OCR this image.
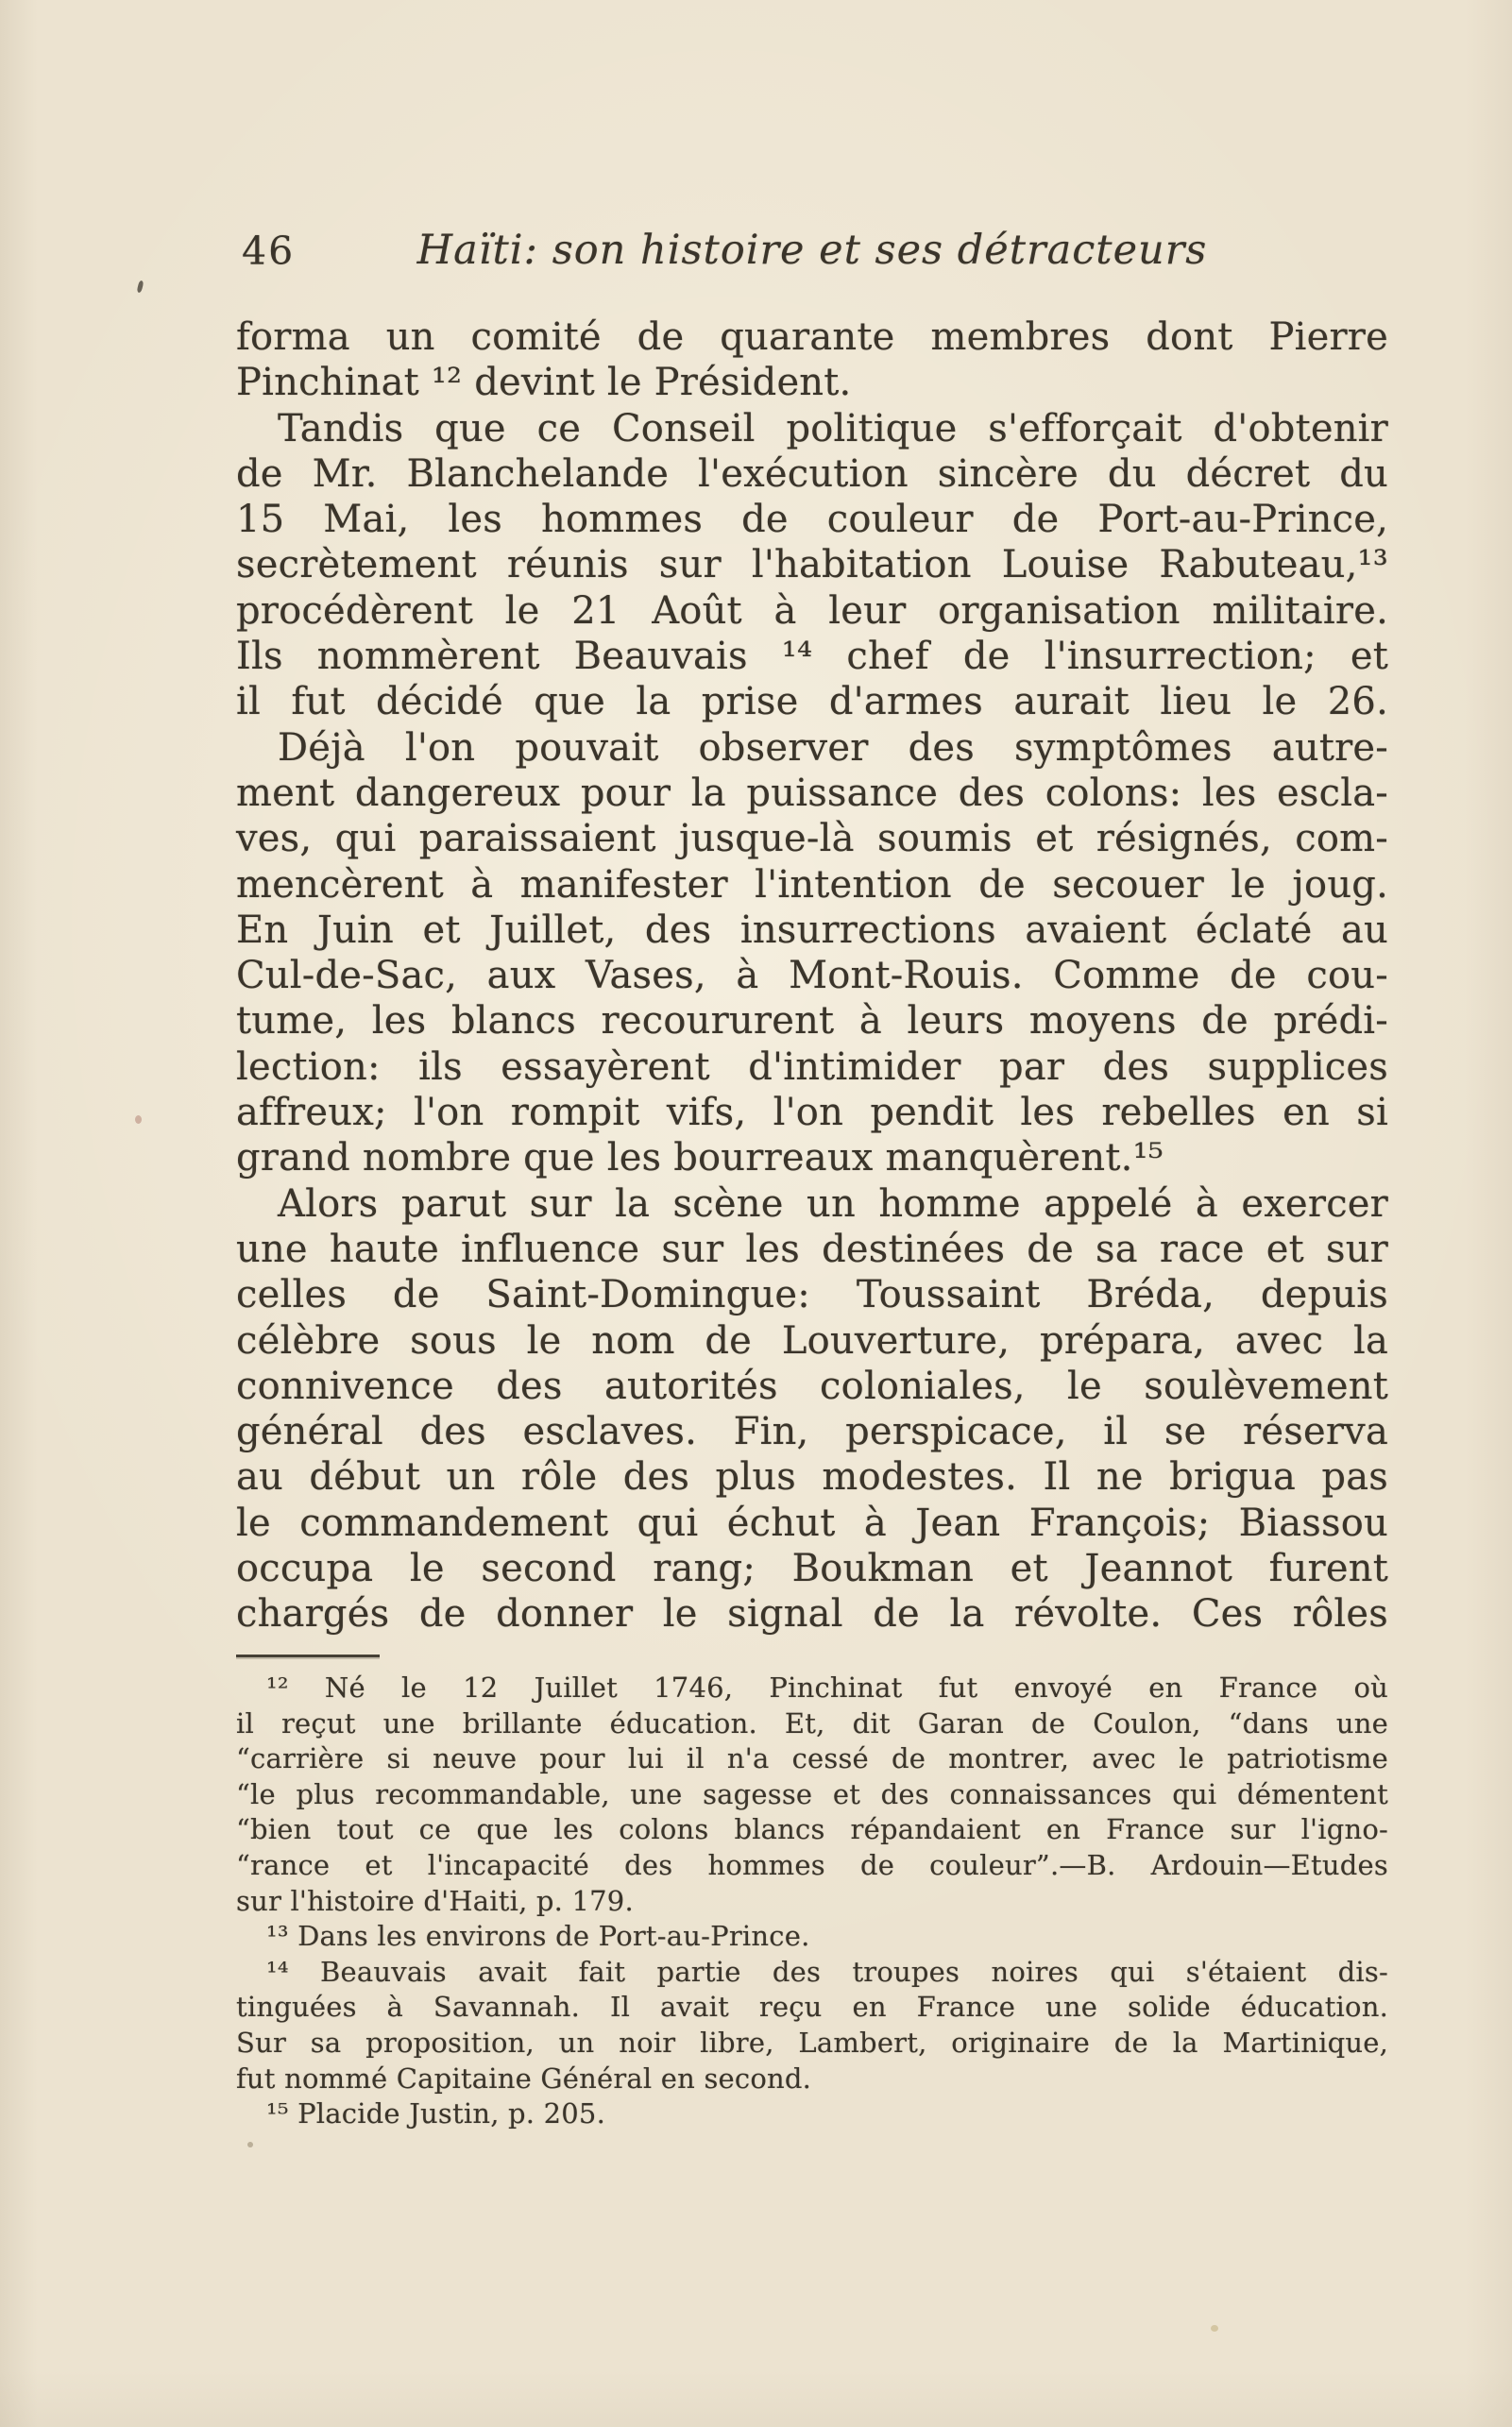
46	Haïti: son histoire et ses détracteurs
forma un comité de quarante membres dont Pierre
Pinchinat ¹² devint le Président.
Tandis que ce Conseil politique s'efforçait d'obtenir
de Mr. Blanchelande l'exécution sincère du décret du
15 Mai, les hommes de couleur de Port-au-Prince,
secrètement réunis sur l'habitation Louise Rabuteau,¹³
procédèrent le 21 Août à leur organisation militaire.
Ils nommèrent Beauvais ¹⁴ chef de l'insurrection; et
il fut décidé que la prise d'armes aurait lieu le 26.
Déjà l'on pouvait observer des symptômes autre-
ment dangereux pour la puissance des colons: les escla-
ves, qui paraissaient jusque-là soumis et résignés, com-
mencèrent à manifester l'intention de secouer le joug.
En Juin et Juillet, des insurrections avaient éclaté au
Cul-de-Sac, aux Vases, à Mont-Rouis. Comme de cou-
tume, les blancs recoururent à leurs moyens de prédi-
lection: ils essayèrent d'intimider par des supplices
affreux; l'on rompit vifs, l'on pendit les rebelles en si
grand nombre que les bourreaux manquèrent.¹⁵
Alors parut sur la scène un homme appelé à exercer
une haute influence sur les destinées de sa race et sur
celles de Saint-Domingue: Toussaint Bréda, depuis
célèbre sous le nom de Louverture, prépara, avec la
connivence des autorités coloniales, le soulèvement
général des esclaves. Fin, perspicace, il se réserva
au début un rôle des plus modestes. Il ne brigua pas
le commandement qui échut à Jean François; Biassou
occupa le second rang; Boukman et Jeannot furent
chargés de donner le signal de la révolte. Ces rôles
¹² Né le 12 Juillet 1746, Pinchinat fut envoyé en France où
il reçut une brillante éducation. Et, dit Garan de Coulon, “dans une
“carrière si neuve pour lui il n'a cessé de montrer, avec le patriotisme
“le plus recommandable, une sagesse et des connaissances qui démentent
“bien tout ce que les colons blancs répandaient en France sur l'igno-
“rance et l'incapacité des hommes de couleur”.—B. Ardouin—Etudes
sur l'histoire d'Haiti, p. 179.
¹³ Dans les environs de Port-au-Prince.
¹⁴ Beauvais avait fait partie des troupes noires qui s'étaient dis-
tinguées à Savannah. Il avait reçu en France une solide éducation.
Sur sa proposition, un noir libre, Lambert, originaire de la Martinique,
fut nommé Capitaine Général en second.
¹⁵ Placide Justin, p. 205.
